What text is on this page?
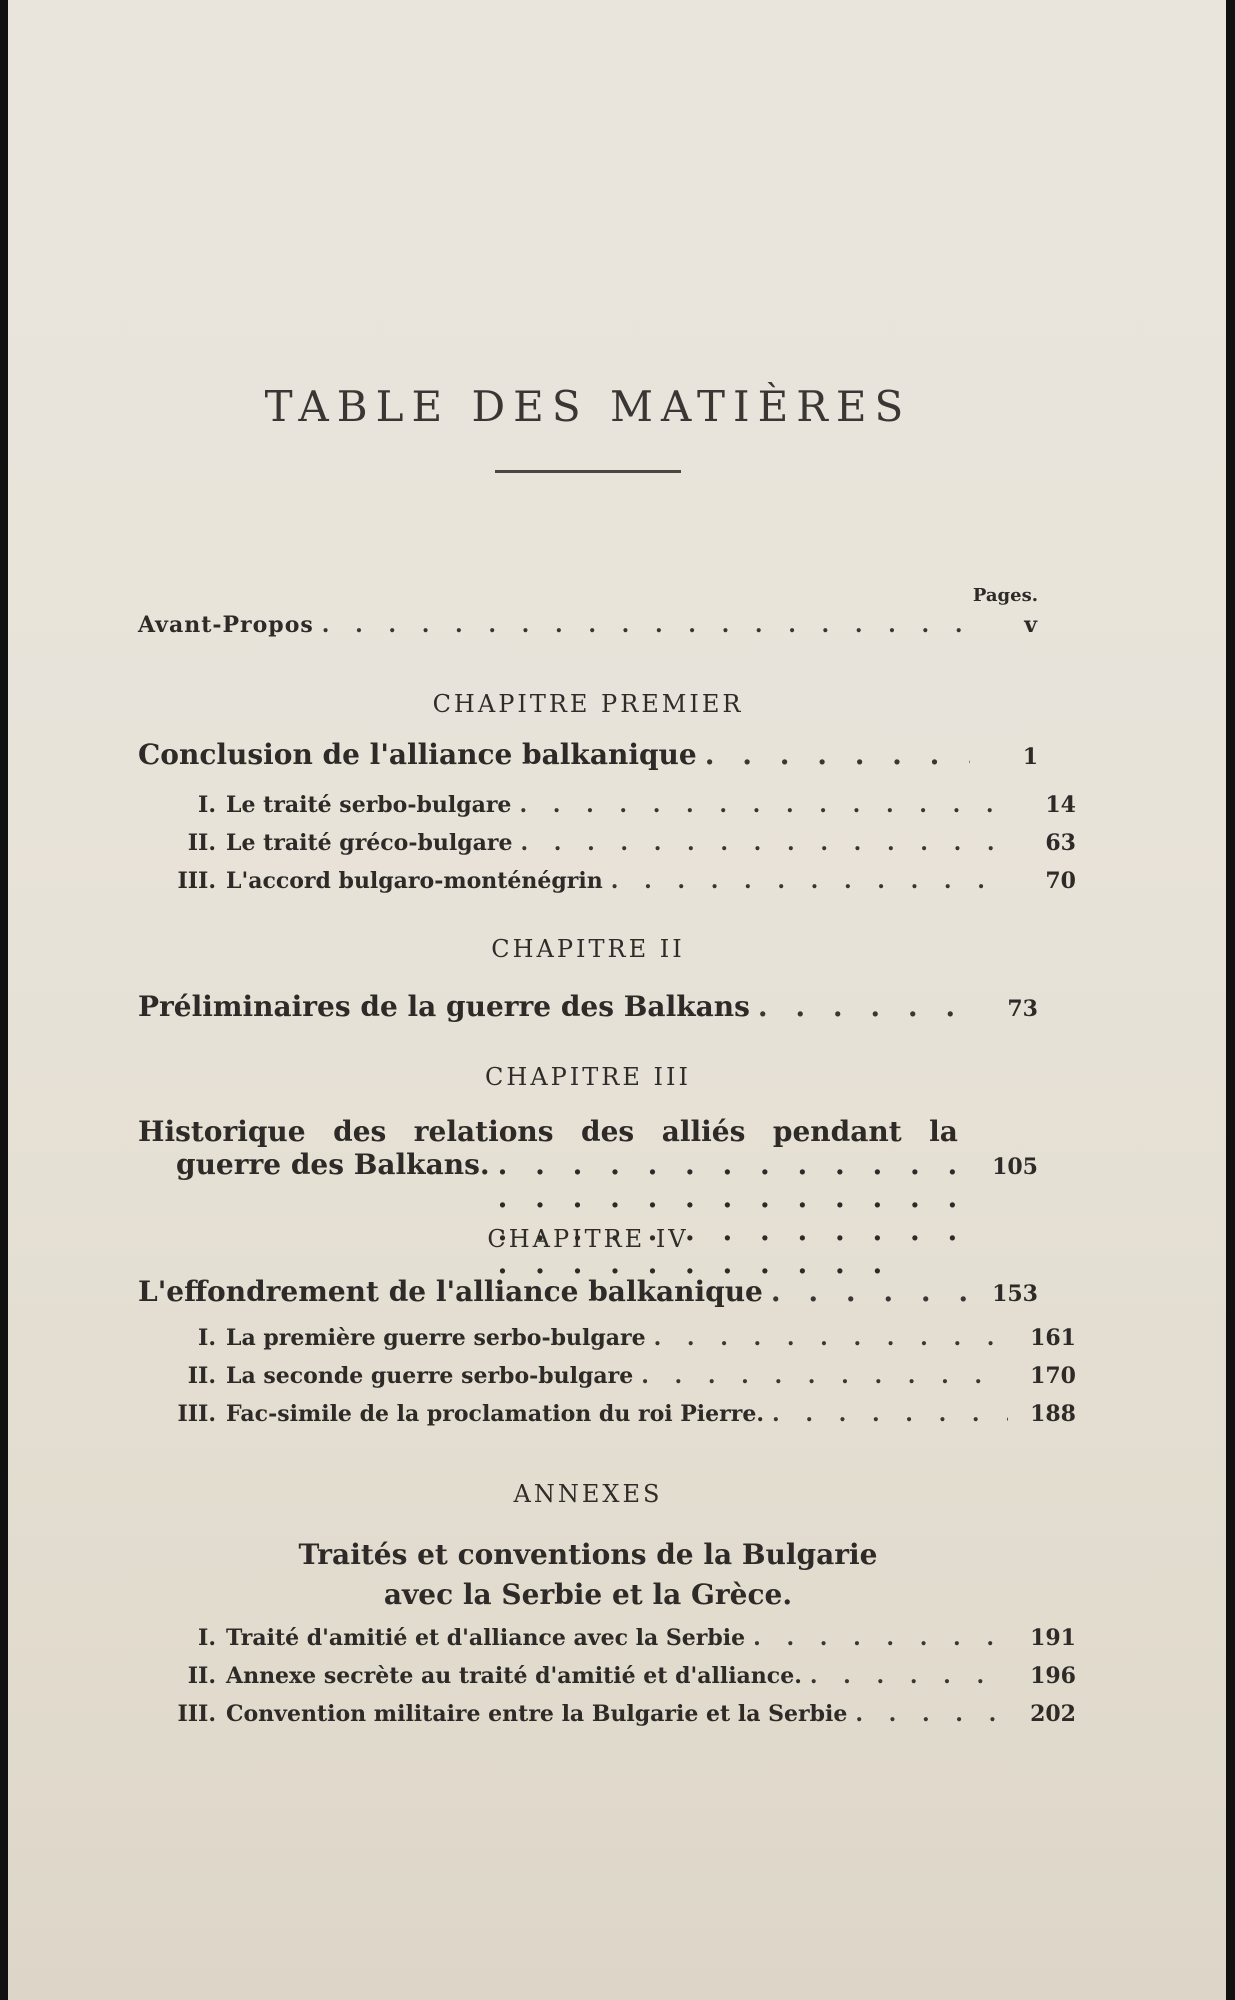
TABLE DES MATIÈRES
Pages.
Avant-Propos . . .	v
CHAPITRE PREMIER
Conclusion de l'alliance balkanique . . .	1
I. Le traité serbo-bulgare . . .	14
II. Le traité gréco-bulgare . . .	63
III. L'accord bulgaro-monténégrin . . .	70
CHAPITRE II
Préliminaires de la guerre des Balkans . . .	73
CHAPITRE III
Historique des relations des alliés pendant la
guerre des Balkans. . . .	105
CHAPITRE IV
L'effondrement de l'alliance balkanique . . .	153
I. La première guerre serbo-bulgare . . .	161
II. La seconde guerre serbo-bulgare . . .	170
III. Fac-simile de la proclamation du roi Pierre. . . .	188
ANNEXES
Traités et conventions de la Bulgarie
avec la Serbie et la Grèce.
I. Traité d'amitié et d'alliance avec la Serbie . . .	191
II. Annexe secrète au traité d'amitié et d'alliance. . . .	196
III. Convention militaire entre la Bulgarie et la Serbie . . .	202
